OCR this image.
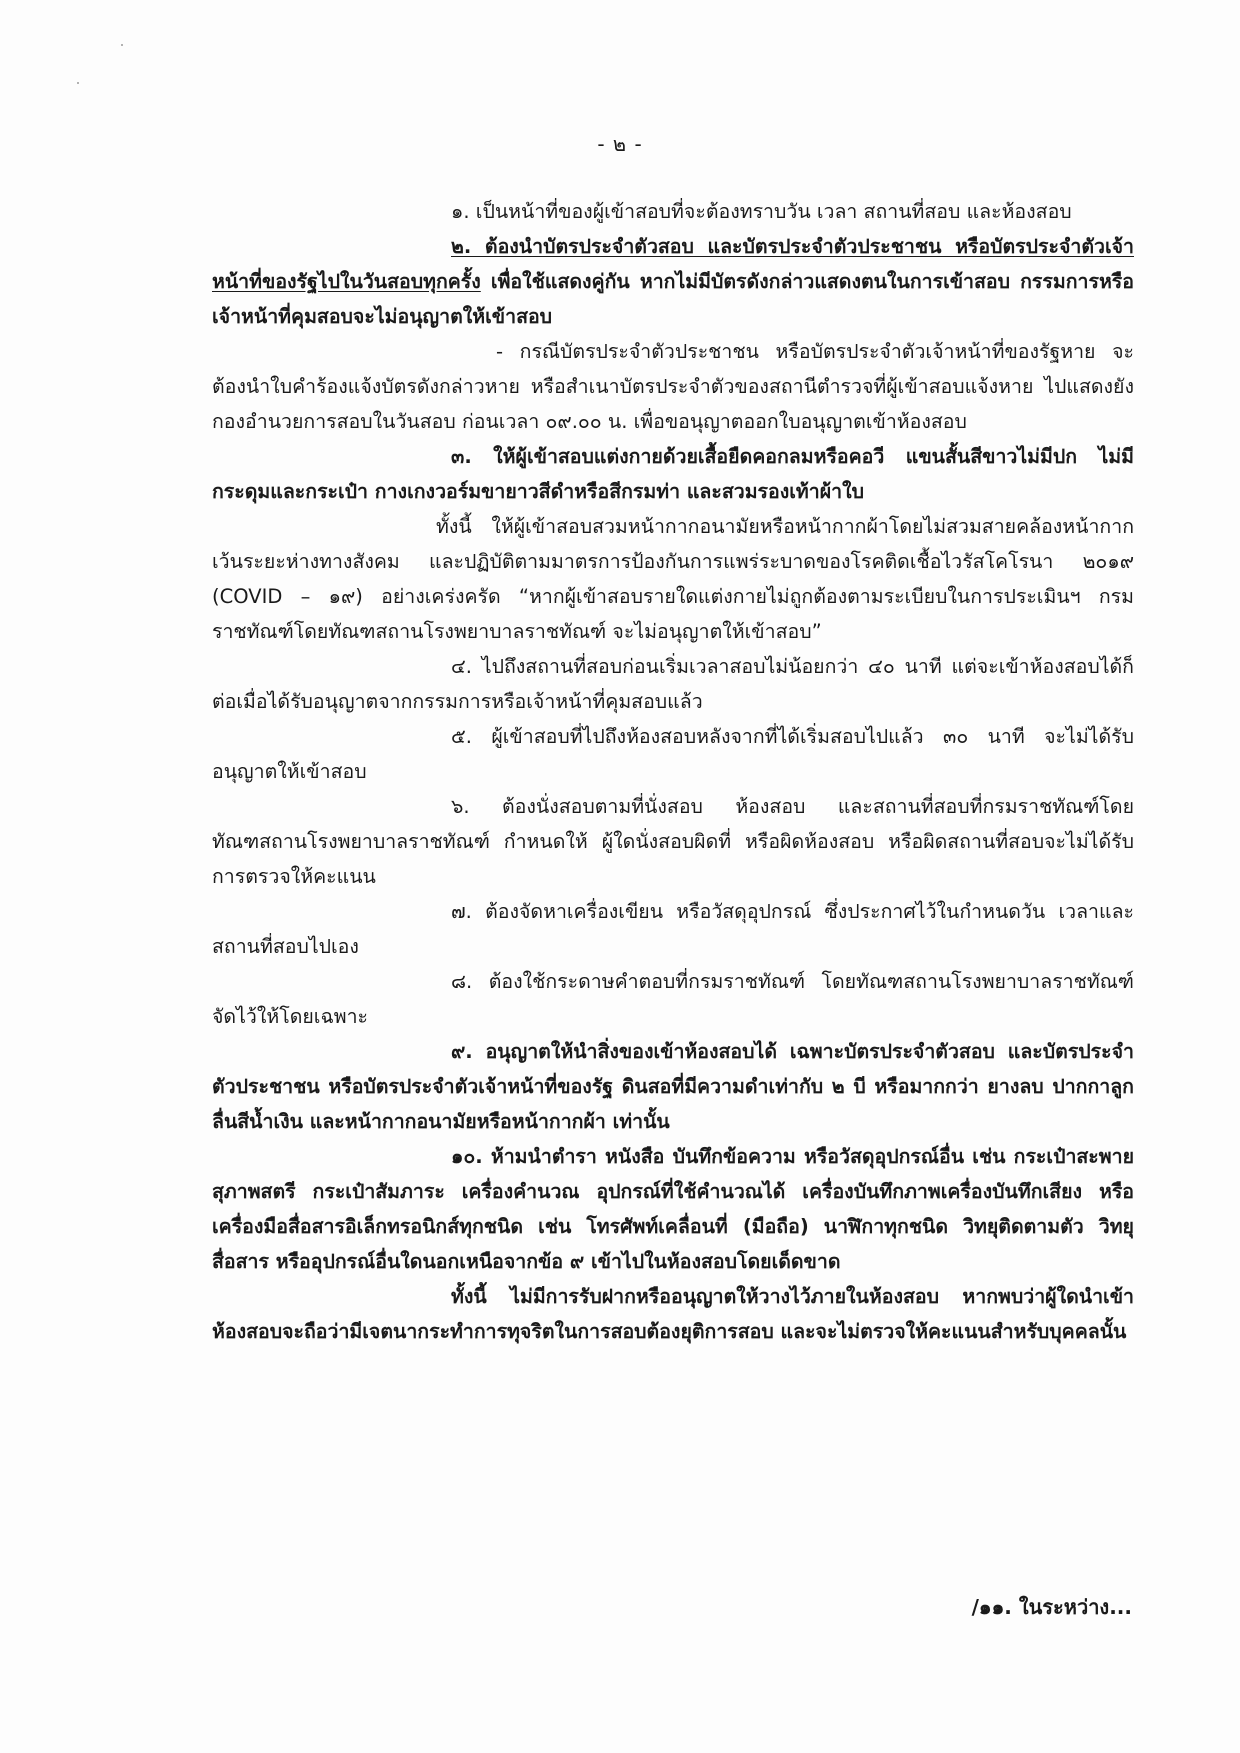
- ๒ -

๑. เป็นหน้าที่ของผู้เข้าสอบที่จะต้องทราบวัน เวลา สถานที่สอบ และห้องสอบ

๒. ต้องนำบัตรประจำตัวสอบ และบัตรประจำตัวประชาชน หรือบัตรประจำตัวเจ้าหน้าที่ของรัฐไปในวันสอบทุกครั้ง เพื่อใช้แสดงคู่กัน หากไม่มีบัตรดังกล่าวแสดงตนในการเข้าสอบ กรรมการหรือเจ้าหน้าที่คุมสอบจะไม่อนุญาตให้เข้าสอบ

- กรณีบัตรประจำตัวประชาชน หรือบัตรประจำตัวเจ้าหน้าที่ของรัฐหาย จะต้องนำใบคำร้องแจ้งบัตรดังกล่าวหาย หรือสำเนาบัตรประจำตัวของสถานีตำรวจที่ผู้เข้าสอบแจ้งหาย ไปแสดงยังกองอำนวยการสอบในวันสอบ ก่อนเวลา ๐๙.๐๐ น. เพื่อขอนุญาตออกใบอนุญาตเข้าห้องสอบ

๓. ให้ผู้เข้าสอบแต่งกายด้วยเสื้อยืดคอกลมหรือคอวี แขนสั้นสีขาวไม่มีปก ไม่มีกระดุมและกระเป๋า กางเกงวอร์มขายาวสีดำหรือสีกรมท่า และสวมรองเท้าผ้าใบ

ทั้งนี้ ให้ผู้เข้าสอบสวมหน้ากากอนามัยหรือหน้ากากผ้าโดยไม่สวมสายคล้องหน้ากาก เว้นระยะห่างทางสังคม และปฏิบัติตามมาตรการป้องกันการแพร่ระบาดของโรคติดเชื้อไวรัสโคโรนา ๒๐๑๙ (COVID – ๑๙) อย่างเคร่งครัด “หากผู้เข้าสอบรายใดแต่งกายไม่ถูกต้องตามระเบียบในการประเมินฯ กรมราชทัณฑ์โดยทัณฑสถานโรงพยาบาลราชทัณฑ์ จะไม่อนุญาตให้เข้าสอบ”

๔. ไปถึงสถานที่สอบก่อนเริ่มเวลาสอบไม่น้อยกว่า ๔๐ นาที แต่จะเข้าห้องสอบได้ก็ต่อเมื่อได้รับอนุญาตจากกรรมการหรือเจ้าหน้าที่คุมสอบแล้ว

๕. ผู้เข้าสอบที่ไปถึงห้องสอบหลังจากที่ได้เริ่มสอบไปแล้ว ๓๐ นาที จะไม่ได้รับอนุญาตให้เข้าสอบ

๖. ต้องนั่งสอบตามที่นั่งสอบ ห้องสอบ และสถานที่สอบที่กรมราชทัณฑ์โดยทัณฑสถานโรงพยาบาลราชทัณฑ์ กำหนดให้ ผู้ใดนั่งสอบผิดที่ หรือผิดห้องสอบ หรือผิดสถานที่สอบจะไม่ได้รับการตรวจให้คะแนน

๗. ต้องจัดหาเครื่องเขียน หรือวัสดุอุปกรณ์ ซึ่งประกาศไว้ในกำหนดวัน เวลาและสถานที่สอบไปเอง

๘. ต้องใช้กระดาษคำตอบที่กรมราชทัณฑ์ โดยทัณฑสถานโรงพยาบาลราชทัณฑ์จัดไว้ให้โดยเฉพาะ

๙. อนุญาตให้นำสิ่งของเข้าห้องสอบได้ เฉพาะบัตรประจำตัวสอบ และบัตรประจำตัวประชาชน หรือบัตรประจำตัวเจ้าหน้าที่ของรัฐ ดินสอที่มีความดำเท่ากับ ๒ บี หรือมากกว่า ยางลบ ปากกาลูกลื่นสีน้ำเงิน และหน้ากากอนามัยหรือหน้ากากผ้า เท่านั้น

๑๐. ห้ามนำตำรา หนังสือ บันทึกข้อความ หรือวัสดุอุปกรณ์อื่น เช่น กระเป๋าสะพายสุภาพสตรี กระเป๋าสัมภาระ เครื่องคำนวณ อุปกรณ์ที่ใช้คำนวณได้ เครื่องบันทึกภาพเครื่องบันทึกเสียง หรือเครื่องมือสื่อสารอิเล็กทรอนิกส์ทุกชนิด เช่น โทรศัพท์เคลื่อนที่ (มือถือ) นาฬิกาทุกชนิด วิทยุติดตามตัว วิทยุสื่อสาร หรืออุปกรณ์อื่นใดนอกเหนือจากข้อ ๙ เข้าไปในห้องสอบโดยเด็ดขาด

ทั้งนี้ ไม่มีการรับฝากหรืออนุญาตให้วางไว้ภายในห้องสอบ หากพบว่าผู้ใดนำเข้าห้องสอบจะถือว่ามีเจตนากระทำการทุจริตในการสอบต้องยุติการสอบ และจะไม่ตรวจให้คะแนนสำหรับบุคคลนั้น

/๑๑. ในระหว่าง...
